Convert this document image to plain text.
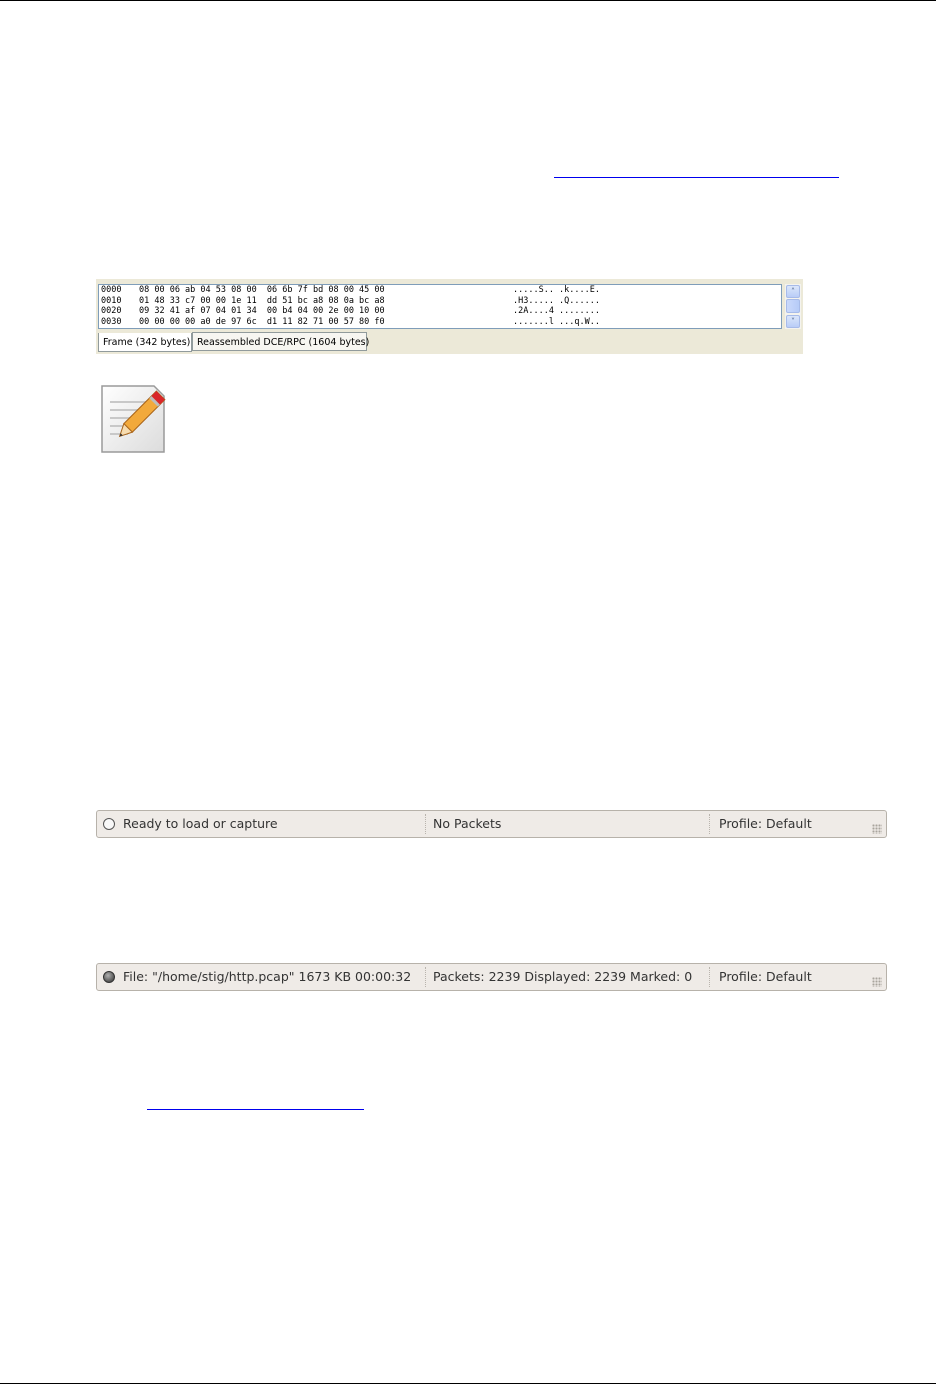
0000 08 00 06 ab 04 53 08 00  06 6b 7f bd 08 00 45 00	.....S.. .k....E.
0010 01 48 33 c7 00 00 1e 11  dd 51 bc a8 08 0a bc a8	.H3..... .Q......
0020 09 32 41 af 07 04 01 34  00 b4 04 00 2e 00 10 00	.2A....4 ........
0030 00 00 00 00 a0 de 97 6c  d1 11 82 71 00 57 80 f0	.......l ...q.W..
˄
˅
Frame (342 bytes) Reassembled DCE/RPC (1604 bytes)
Ready to load or capture	No Packets	Profile: Default
File: "/home/stig/http.pcap" 1673 KB 00:00:32	Packets: 2239 Displayed: 2239 Marked: 0	Profile: Default
